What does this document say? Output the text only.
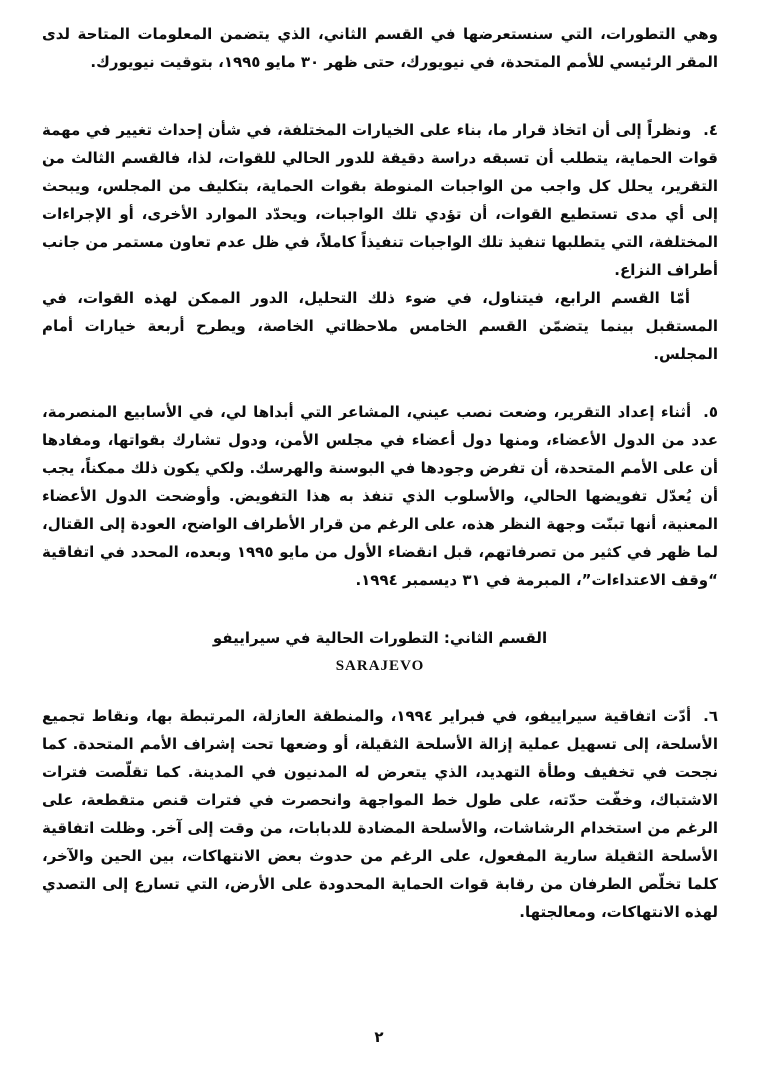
وهي التطورات، التي سنستعرضها في القسم الثاني، الذي يتضمن المعلومات المتاحة لدى المقر الرئيسي للأمم المتحدة، في نيويورك، حتى ظهر ٣٠ مايو ١٩٩٥، بتوقيت نيويورك.

٤.ونظراً إلى أن اتخاذ قرار ما، بناء على الخيارات المختلفة، في شأن إحداث تغيير في مهمة قوات الحماية، يتطلب أن تسبقه دراسة دقيقة للدور الحالي للقوات، لذا، فالقسم الثالث من التقرير، يحلل كل واجب من الواجبات المنوطة بقوات الحماية، بتكليف من المجلس، ويبحث إلى أي مدى تستطيع القوات، أن تؤدي تلك الواجبات، ويحدّد الموارد الأخرى، أو الإجراءات المختلفة، التي يتطلبها تنفيذ تلك الواجبات تنفيذاً كاملاً، في ظل عدم تعاون مستمر من جانب أطراف النزاع.

أمّا القسم الرابع، فيتناول، في ضوء ذلك التحليل، الدور الممكن لهذه القوات، في المستقبل بينما يتضمّن القسم الخامس ملاحظاتي الخاصة، ويطرح أربعة خيارات أمام المجلس.

٥.أثناء إعداد التقرير، وضعت نصب عيني، المشاعر التي أبداها لي، في الأسابيع المنصرمة، عدد من الدول الأعضاء، ومنها دول أعضاء في مجلس الأمن، ودول تشارك بقواتها، ومفادها أن على الأمم المتحدة، أن تفرض وجودها في البوسنة والهرسك. ولكي يكون ذلك ممكناً، يجب أن يُعدّل تفويضها الحالي، والأسلوب الذي تنفذ به هذا التفويض. وأوضحت الدول الأعضاء المعنية، أنها تبنّت وجهة النظر هذه، على الرغم من قرار الأطراف الواضح، العودة إلى القتال، لما ظهر في كثير من تصرفاتهم، قبل انقضاء الأول من مايو ١٩٩٥ وبعده، المحدد في اتفاقية “وقف الاعتداءات”، المبرمة في ٣١ ديسمبر ١٩٩٤.

القسم الثاني: التطورات الحالية في سيراييفو

SARAJEVO

٦.أدّت اتفاقية سيراييفو، في فبراير ١٩٩٤، والمنطقة العازلة، المرتبطة بها، ونقاط تجميع الأسلحة، إلى تسهيل عملية إزالة الأسلحة الثقيلة، أو وضعها تحت إشراف الأمم المتحدة. كما نجحت في تخفيف وطأة التهديد، الذي يتعرض له المدنيون في المدينة. كما تقلّصت فترات الاشتباك، وخفّت حدّته، على طول خط المواجهة وانحصرت في فترات قنص متقطعة، على الرغم من استخدام الرشاشات، والأسلحة المضادة للدبابات، من وقت إلى آخر. وظلت اتفاقية الأسلحة الثقيلة سارية المفعول، على الرغم من حدوث بعض الانتهاكات، بين الحين والآخر، كلما تخلّص الطرفان من رقابة قوات الحماية المحدودة على الأرض، التي تسارع إلى التصدي لهذه الانتهاكات، ومعالجتها.

٢
